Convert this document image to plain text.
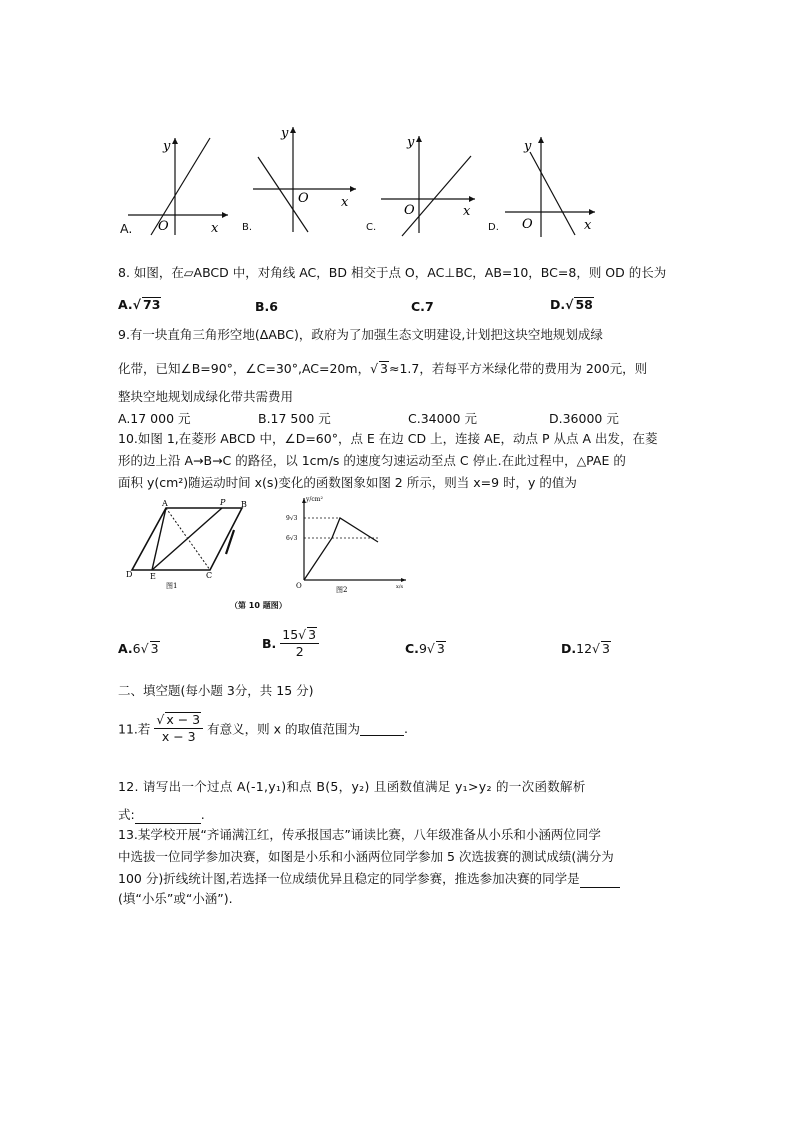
y
O	x
A.
y
O x
B.
y
O	x
C.
y
O	x
D.
8. 如图，在▱ABCD 中，对角线 AC，BD 相交于点 O，AC⊥BC，AB=10，BC=8，则 OD 的长为
A.√ 73	B.6	C.7	D.√ 58
9.有一块直角三角形空地(ΔABC)，政府为了加强生态文明建设,计划把这块空地规划成绿
化带，已知∠B=90°，∠C=30°,AC=20m，√ 3≈1.7，若每平方米绿化带的费用为 200元，则
整块空地规划成绿化带共需费用
A.17 000 元	B.17 500 元	C.34000 元	D.36000 元
10.如图 1,在菱形 ABCD 中，∠D=60°，点 E 在边 CD 上，连接 AE，动点 P 从点 A 出发，在菱
形的边上沿 A→B→C 的路径，以 1cm/s 的速度匀速运动至点 C 停止.在此过程中，△PAE 的
面积 y(cm²)随运动时间 x(s)变化的函数图象如图 2 所示，则当 x=9 时，y 的值为
A	P B
D E	C
图1
y/cm²
9√3
6√3
O	x/s
图2
（第 10 题图）
A.6√ 3	B. $\frac{15√ 3}{2}$	C.9√ 3	D.12√ 3
二、填空题(每小题 3分，共 15 分)
11.若 $\frac{√ x - 3}{x - 3}$ 有意义，则 x 的取值范围为	.
12. 请写出一个过点 A(-1,y₁)和点 B(5，y₂) 且函数值满足 y₁>y₂ 的一次函数解析
式:	.
13.某学校开展“齐诵满江红，传承报国志”诵读比赛，八年级准备从小乐和小涵两位同学
中选拔一位同学参加决赛，如图是小乐和小涵两位同学参加 5 次选拔赛的测试成绩(满分为
100 分)折线统计图,若选择一位成绩优异且稳定的同学参赛，推选参加决赛的同学是
(填“小乐”或“小涵”).
